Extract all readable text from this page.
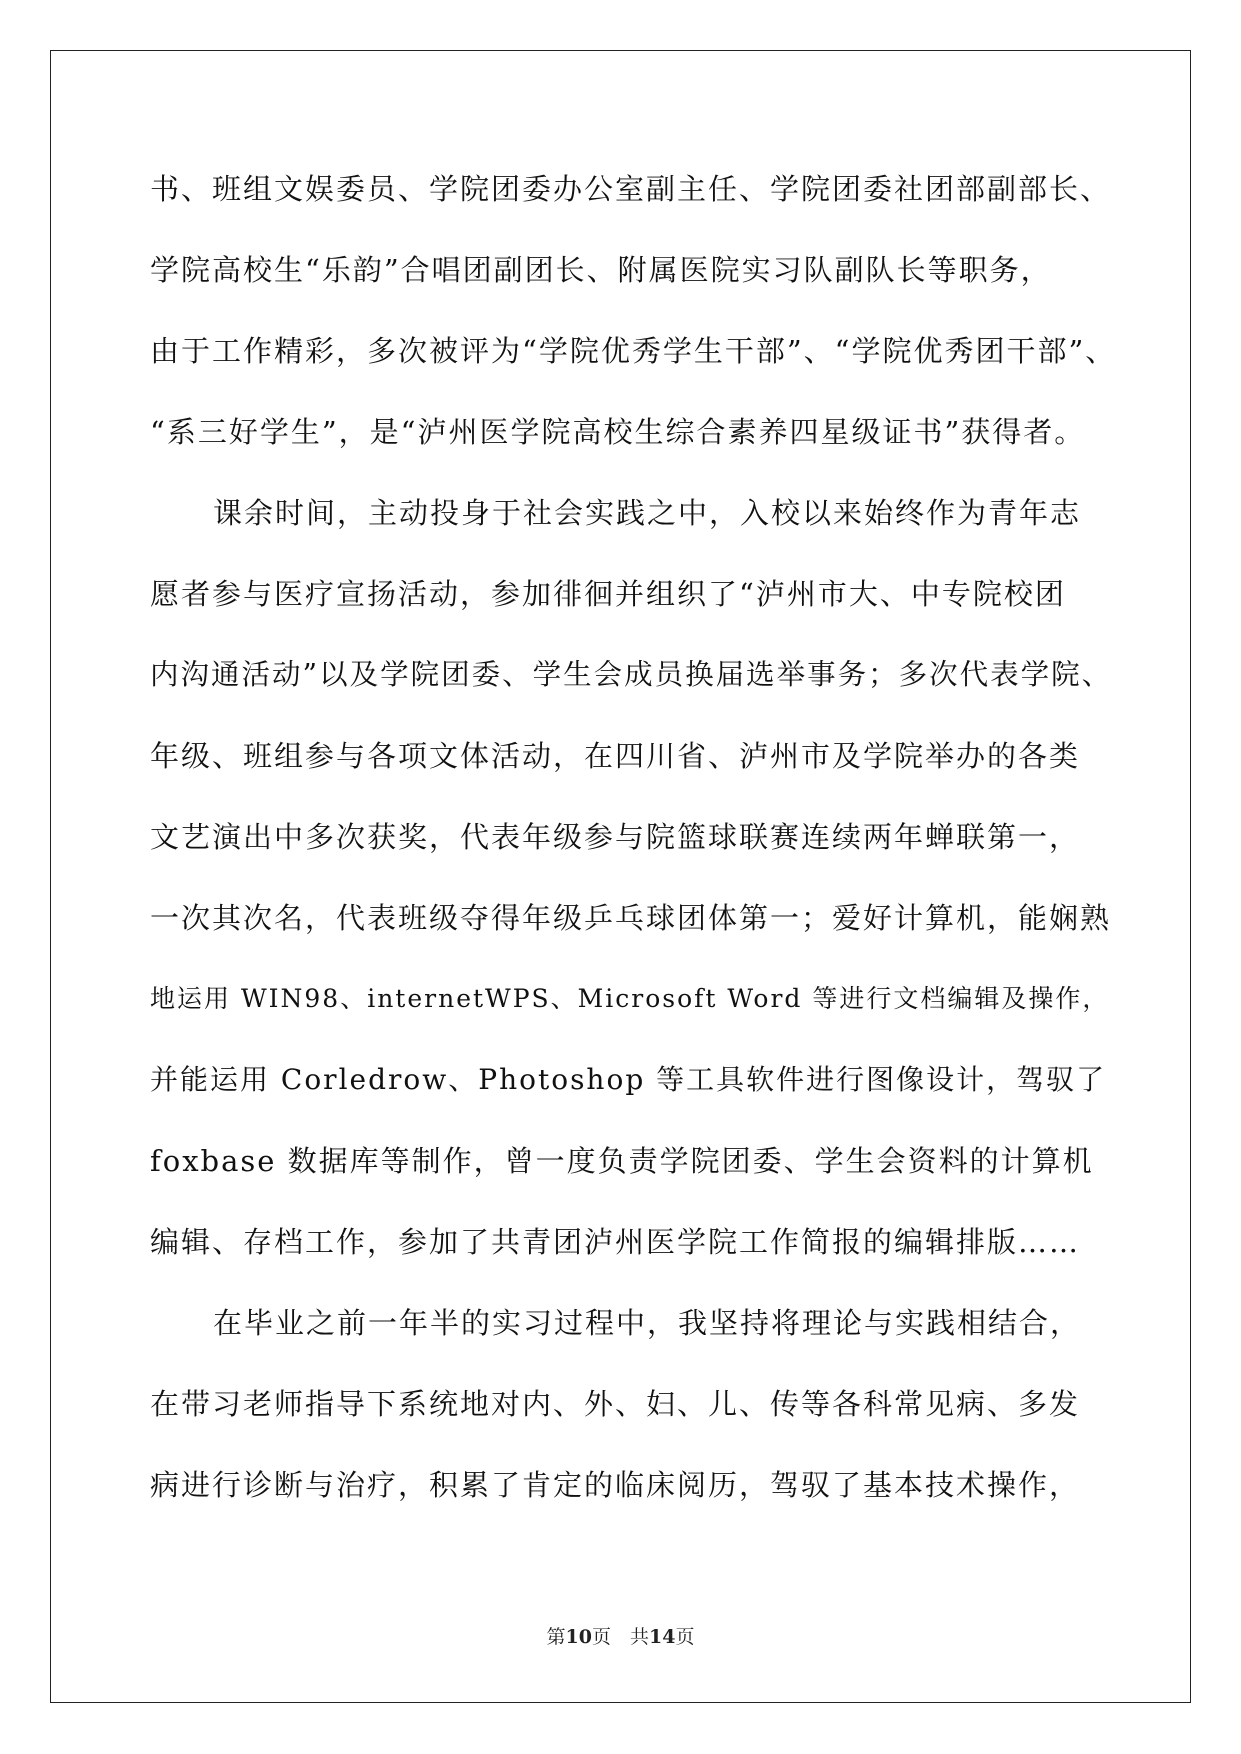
书、班组文娱委员、学院团委办公室副主任、学院团委社团部副部长、
学院高校生“乐韵”合唱团副团长、附属医院实习队副队长等职务，
由于工作精彩，多次被评为“学院优秀学生干部”、“学院优秀团干部”、
“系三好学生”，是“泸州医学院高校生综合素养四星级证书”获得者。
课余时间，主动投身于社会实践之中，入校以来始终作为青年志
愿者参与医疗宣扬活动，参加徘徊并组织了“泸州市大、中专院校团
内沟通活动”以及学院团委、学生会成员换届选举事务；多次代表学院、
年级、班组参与各项文体活动，在四川省、泸州市及学院举办的各类
文艺演出中多次获奖，代表年级参与院篮球联赛连续两年蝉联第一，
一次其次名，代表班级夺得年级乒乓球团体第一；爱好计算机，能娴熟
地运用 WIN98、internetWPS、Microsoft Word 等进行文档编辑及操作，
并能运用 Corledrow、Photoshop 等工具软件进行图像设计，驾驭了
foxbase 数据库等制作，曾一度负责学院团委、学生会资料的计算机
编辑、存档工作，参加了共青团泸州医学院工作简报的编辑排版……
在毕业之前一年半的实习过程中，我坚持将理论与实践相结合，
在带习老师指导下系统地对内、外、妇、儿、传等各科常见病、多发
病进行诊断与治疗，积累了肯定的临床阅历，驾驭了基本技术操作，
第10页　共14页
